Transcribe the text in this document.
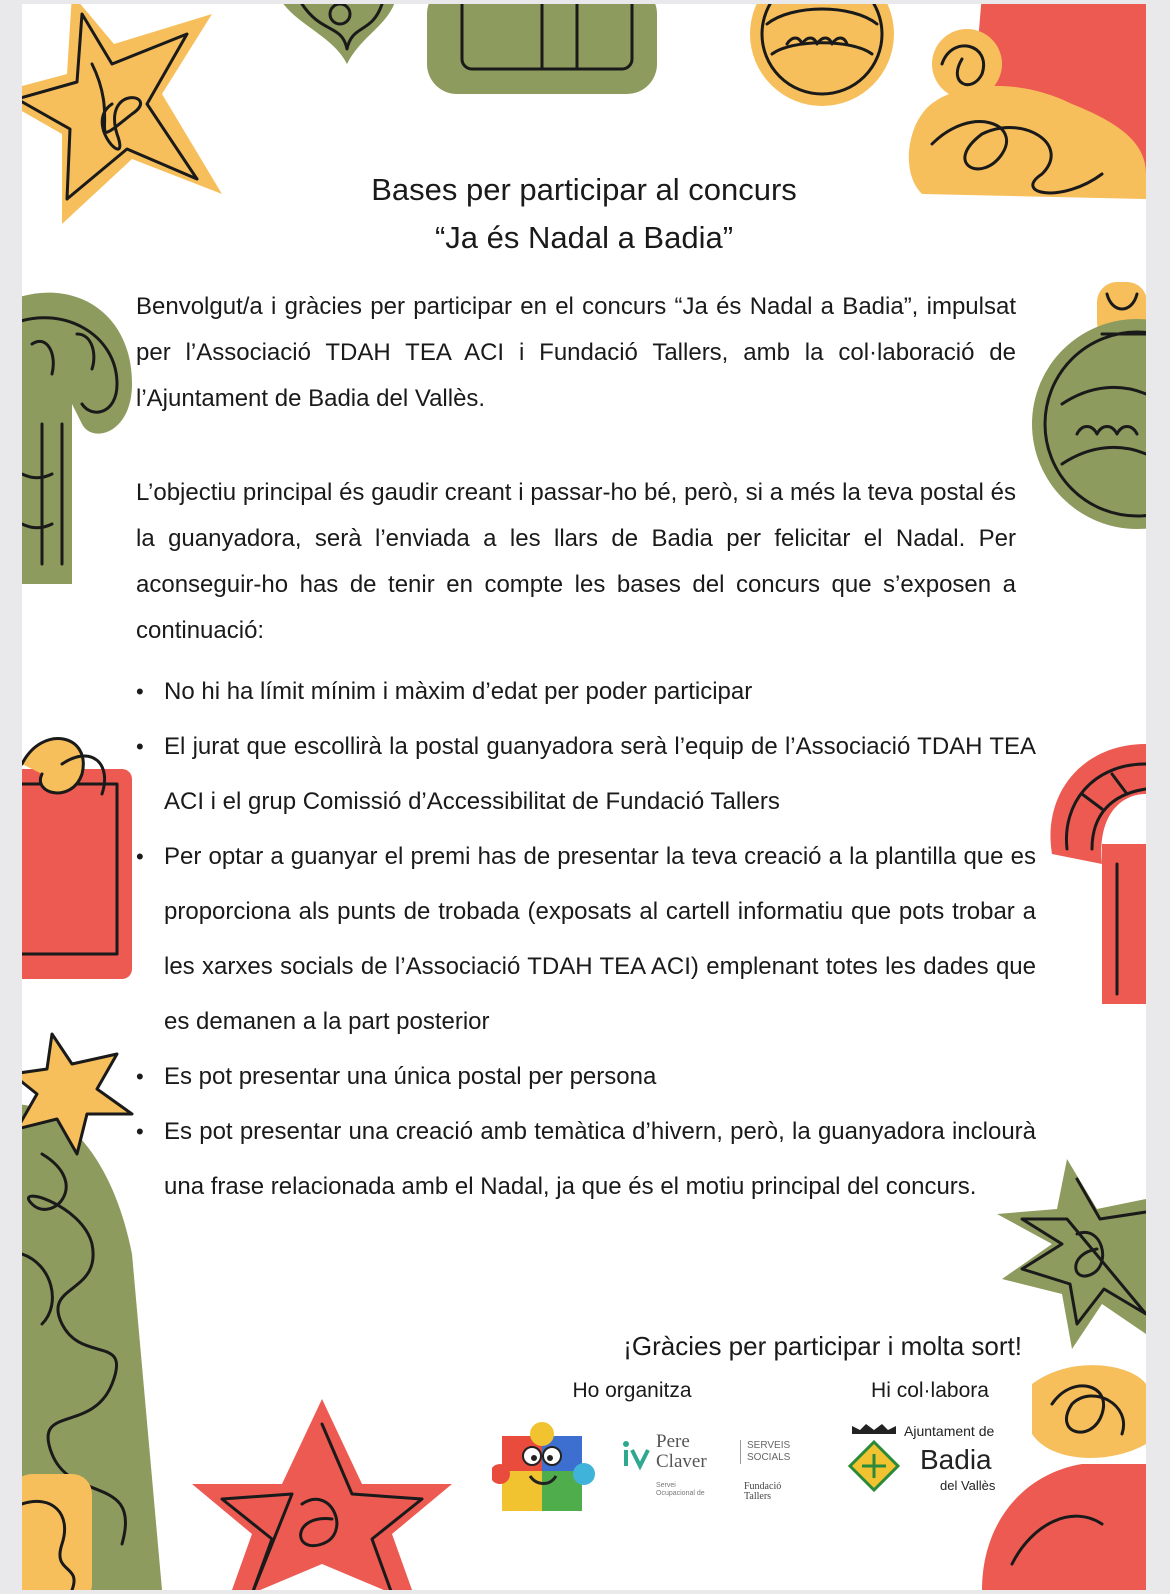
Bases per participar al concurs
“Ja és Nadal a Badia”
Benvolgut/a i gràcies per participar en el concurs “Ja és Nadal a Badia”, impulsat per l’Associació TDAH TEA ACI i Fundació Tallers, amb la col·laboració de l’Ajuntament de Badia del Vallès.
L’objectiu principal és gaudir creant i passar-ho bé, però, si a més la teva postal és la guanyadora, serà l’enviada a les llars de Badia per felicitar el Nadal. Per aconseguir-ho has de tenir en compte les bases del concurs que s’exposen a continuació:
• No hi ha límit mínim i màxim d’edat per poder participar
• El jurat que escollirà la postal guanyadora serà l’equip de l’Associació TDAH TEA ACI i el grup Comissió d’Accessibilitat de Fundació Tallers
• Per optar a guanyar el premi has de presentar la teva creació a la plantilla que es proporciona als punts de trobada (exposats al cartell informatiu que pots trobar a les xarxes socials de l’Associació TDAH TEA ACI) emplenant totes les dades que es demanen a la part posterior
• Es pot presentar una única postal per persona
• Es pot presentar una creació amb temàtica d’hivern, però, la guanyadora inclourà una frase relacionada amb el Nadal, ja que és el motiu principal del concurs.
¡Gràcies per participar i molta sort!
Ho organitza	Hi col·labora
Pere Claver
SERVEIS SOCIALS
Servei Ocupacional de
Fundació Tallers
Ajuntament de
Badia
del Vallès
